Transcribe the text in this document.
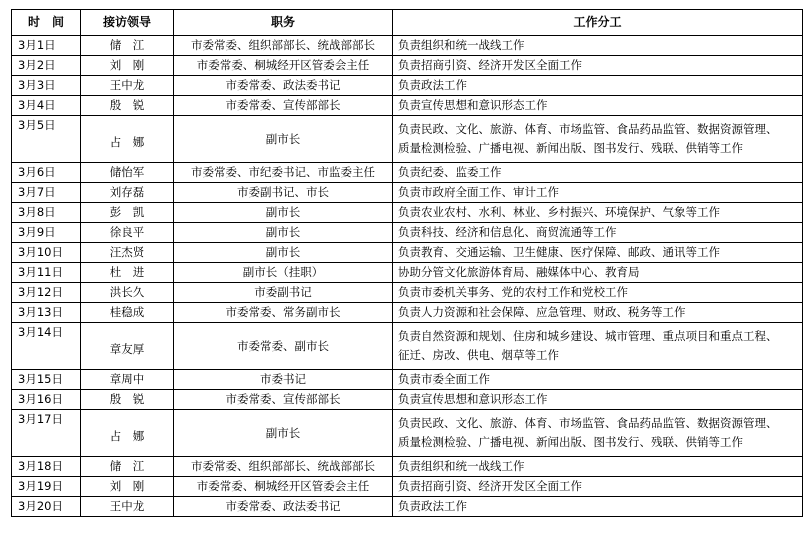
时　间	接访领导	职务	工作分工
3月1日	储　江	市委常委、组织部部长、统战部部长	负责组织和统一战线工作

3月2日	刘　刚	市委常委、桐城经开区管委会主任	负责招商引资、经济开发区全面工作

3月3日	王中龙	市委常委、政法委书记	负责政法工作

3月4日	殷　锐	市委常委、宣传部部长	负责宣传思想和意识形态工作

3月5日	占　娜	副市长	负责民政、文化、旅游、体育、市场监管、食品药品监管、数据资源管理、
质量检测检验、广播电视、新闻出版、图书发行、残联、供销等工作

3月6日	储怡军	市委常委、市纪委书记、市监委主任	负责纪委、监委工作

3月7日	刘存磊	市委副书记、市长	负责市政府全面工作、审计工作

3月8日	彭　凯	副市长	负责农业农村、水利、林业、乡村振兴、环境保护、气象等工作

3月9日	徐良平	副市长	负责科技、经济和信息化、商贸流通等工作

3月10日	汪杰贤	副市长	负责教育、交通运输、卫生健康、医疗保障、邮政、通讯等工作

3月11日	杜　进	副市长（挂职）	协助分管文化旅游体育局、融媒体中心、教育局

3月12日	洪长久	市委副书记	负责市委机关事务、党的农村工作和党校工作

3月13日	桂稳成	市委常委、常务副市长	负责人力资源和社会保障、应急管理、财政、税务等工作

3月14日	章友厚	市委常委、副市长	负责自然资源和规划、住房和城乡建设、城市管理、重点项目和重点工程、
征迁、房改、供电、烟草等工作

3月15日	章周中	市委书记	负责市委全面工作

3月16日	殷　锐	市委常委、宣传部部长	负责宣传思想和意识形态工作

3月17日	占　娜	副市长	负责民政、文化、旅游、体育、市场监管、食品药品监管、数据资源管理、
质量检测检验、广播电视、新闻出版、图书发行、残联、供销等工作

3月18日	储　江	市委常委、组织部部长、统战部部长	负责组织和统一战线工作

3月19日	刘　刚	市委常委、桐城经开区管委会主任	负责招商引资、经济开发区全面工作

3月20日	王中龙	市委常委、政法委书记	负责政法工作
